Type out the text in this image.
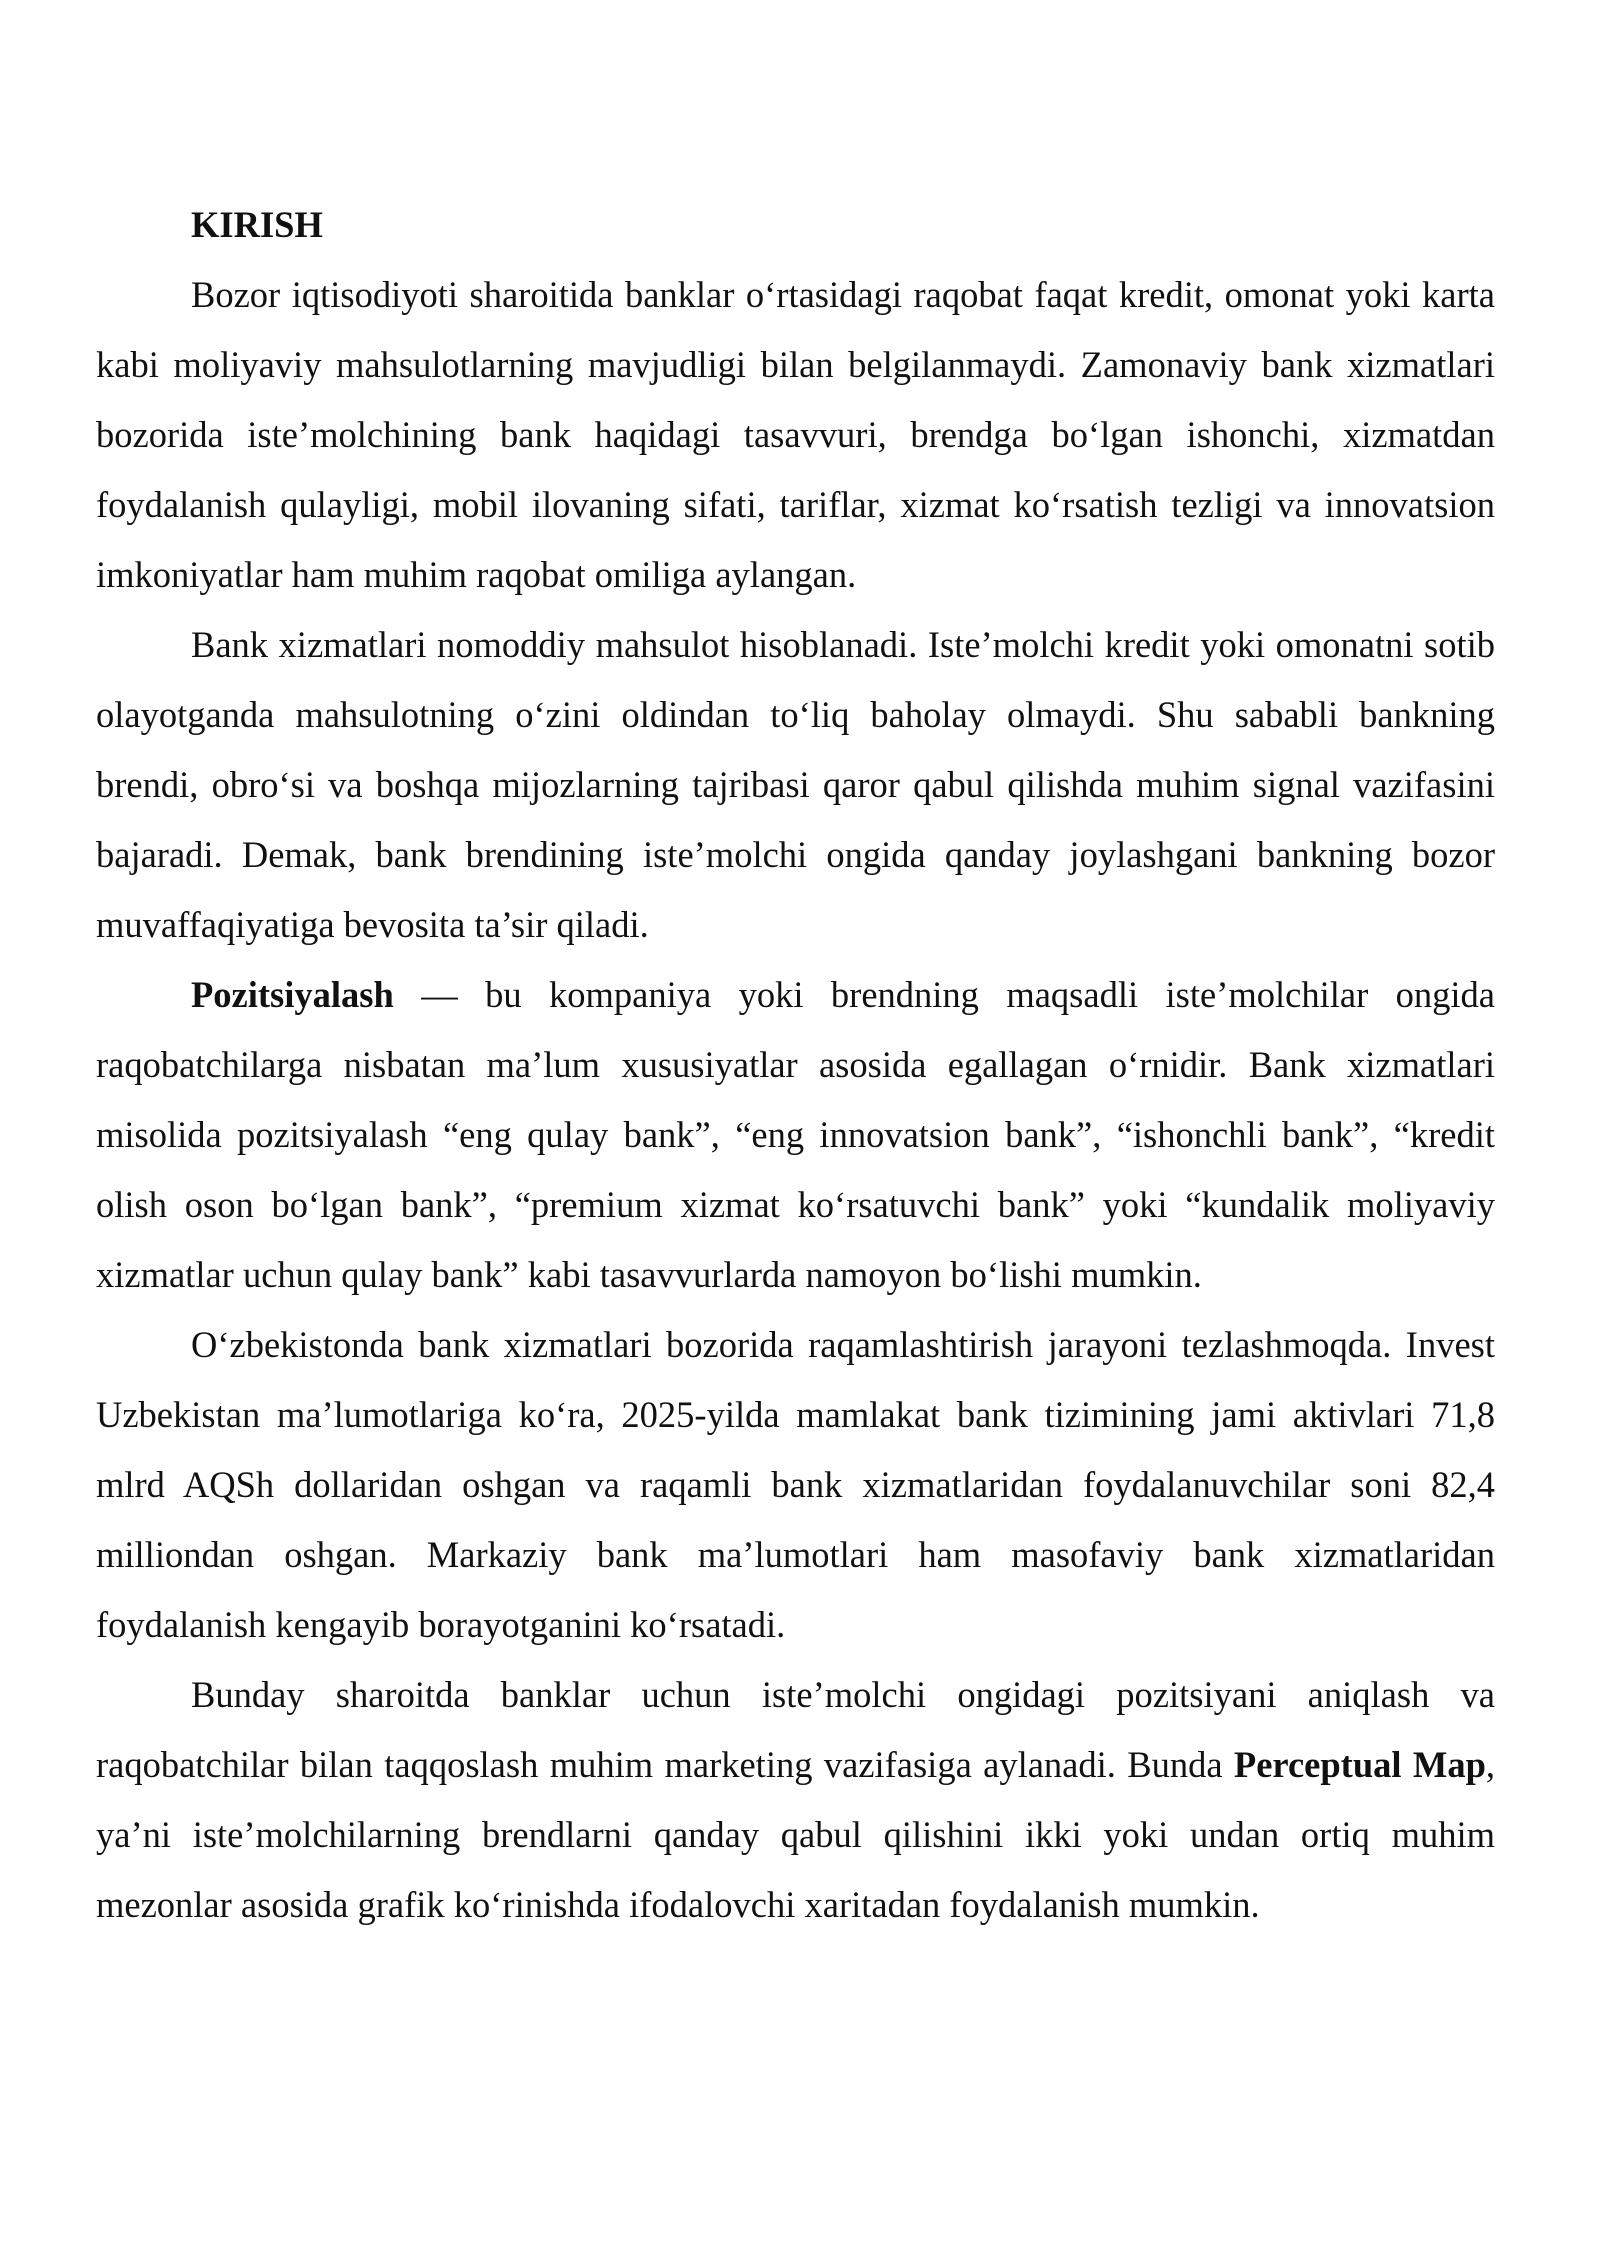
KIRISH

Bozor iqtisodiyoti sharoitida banklar o‘rtasidagi raqobat faqat kredit, omonat yoki karta kabi moliyaviy mahsulotlarning mavjudligi bilan belgilanmaydi. Zamonaviy bank xizmatlari bozorida iste’molchining bank haqidagi tasavvuri, brendga bo‘lgan ishonchi, xizmatdan foydalanish qulayligi, mobil ilovaning sifati, tariflar, xizmat ko‘rsatish tezligi va innovatsion imkoniyatlar ham muhim raqobat omiliga aylangan.

Bank xizmatlari nomoddiy mahsulot hisoblanadi. Iste’molchi kredit yoki omonatni sotib olayotganda mahsulotning o‘zini oldindan to‘liq baholay olmaydi. Shu sababli bankning brendi, obro‘si va boshqa mijozlarning tajribasi qaror qabul qilishda muhim signal vazifasini bajaradi. Demak, bank brendining iste’molchi ongida qanday joylashgani bankning bozor muvaffaqiyatiga bevosita ta’sir qiladi.

Pozitsiyalash — bu kompaniya yoki brendning maqsadli iste’molchilar ongida raqobatchilarga nisbatan ma’lum xususiyatlar asosida egallagan o‘rnidir. Bank xizmatlari misolida pozitsiyalash “eng qulay bank”, “eng innovatsion bank”, “ishonchli bank”, “kredit olish oson bo‘lgan bank”, “premium xizmat ko‘rsatuvchi bank” yoki “kundalik moliyaviy xizmatlar uchun qulay bank” kabi tasavvurlarda namoyon bo‘lishi mumkin.

O‘zbekistonda bank xizmatlari bozorida raqamlashtirish jarayoni tezlashmoqda. Invest Uzbekistan ma’lumotlariga ko‘ra, 2025-yilda mamlakat bank tizimining jami aktivlari 71,8 mlrd AQSh dollaridan oshgan va raqamli bank xizmatlaridan foydalanuvchilar soni 82,4 milliondan oshgan. Markaziy bank ma’lumotlari ham masofaviy bank xizmatlaridan foydalanish kengayib borayotganini ko‘rsatadi.

Bunday sharoitda banklar uchun iste’molchi ongidagi pozitsiyani aniqlash va raqobatchilar bilan taqqoslash muhim marketing vazifasiga aylanadi. Bunda Perceptual Map, ya’ni iste’molchilarning brendlarni qanday qabul qilishini ikki yoki undan ortiq muhim mezonlar asosida grafik ko‘rinishda ifodalovchi xaritadan foydalanish mumkin.
